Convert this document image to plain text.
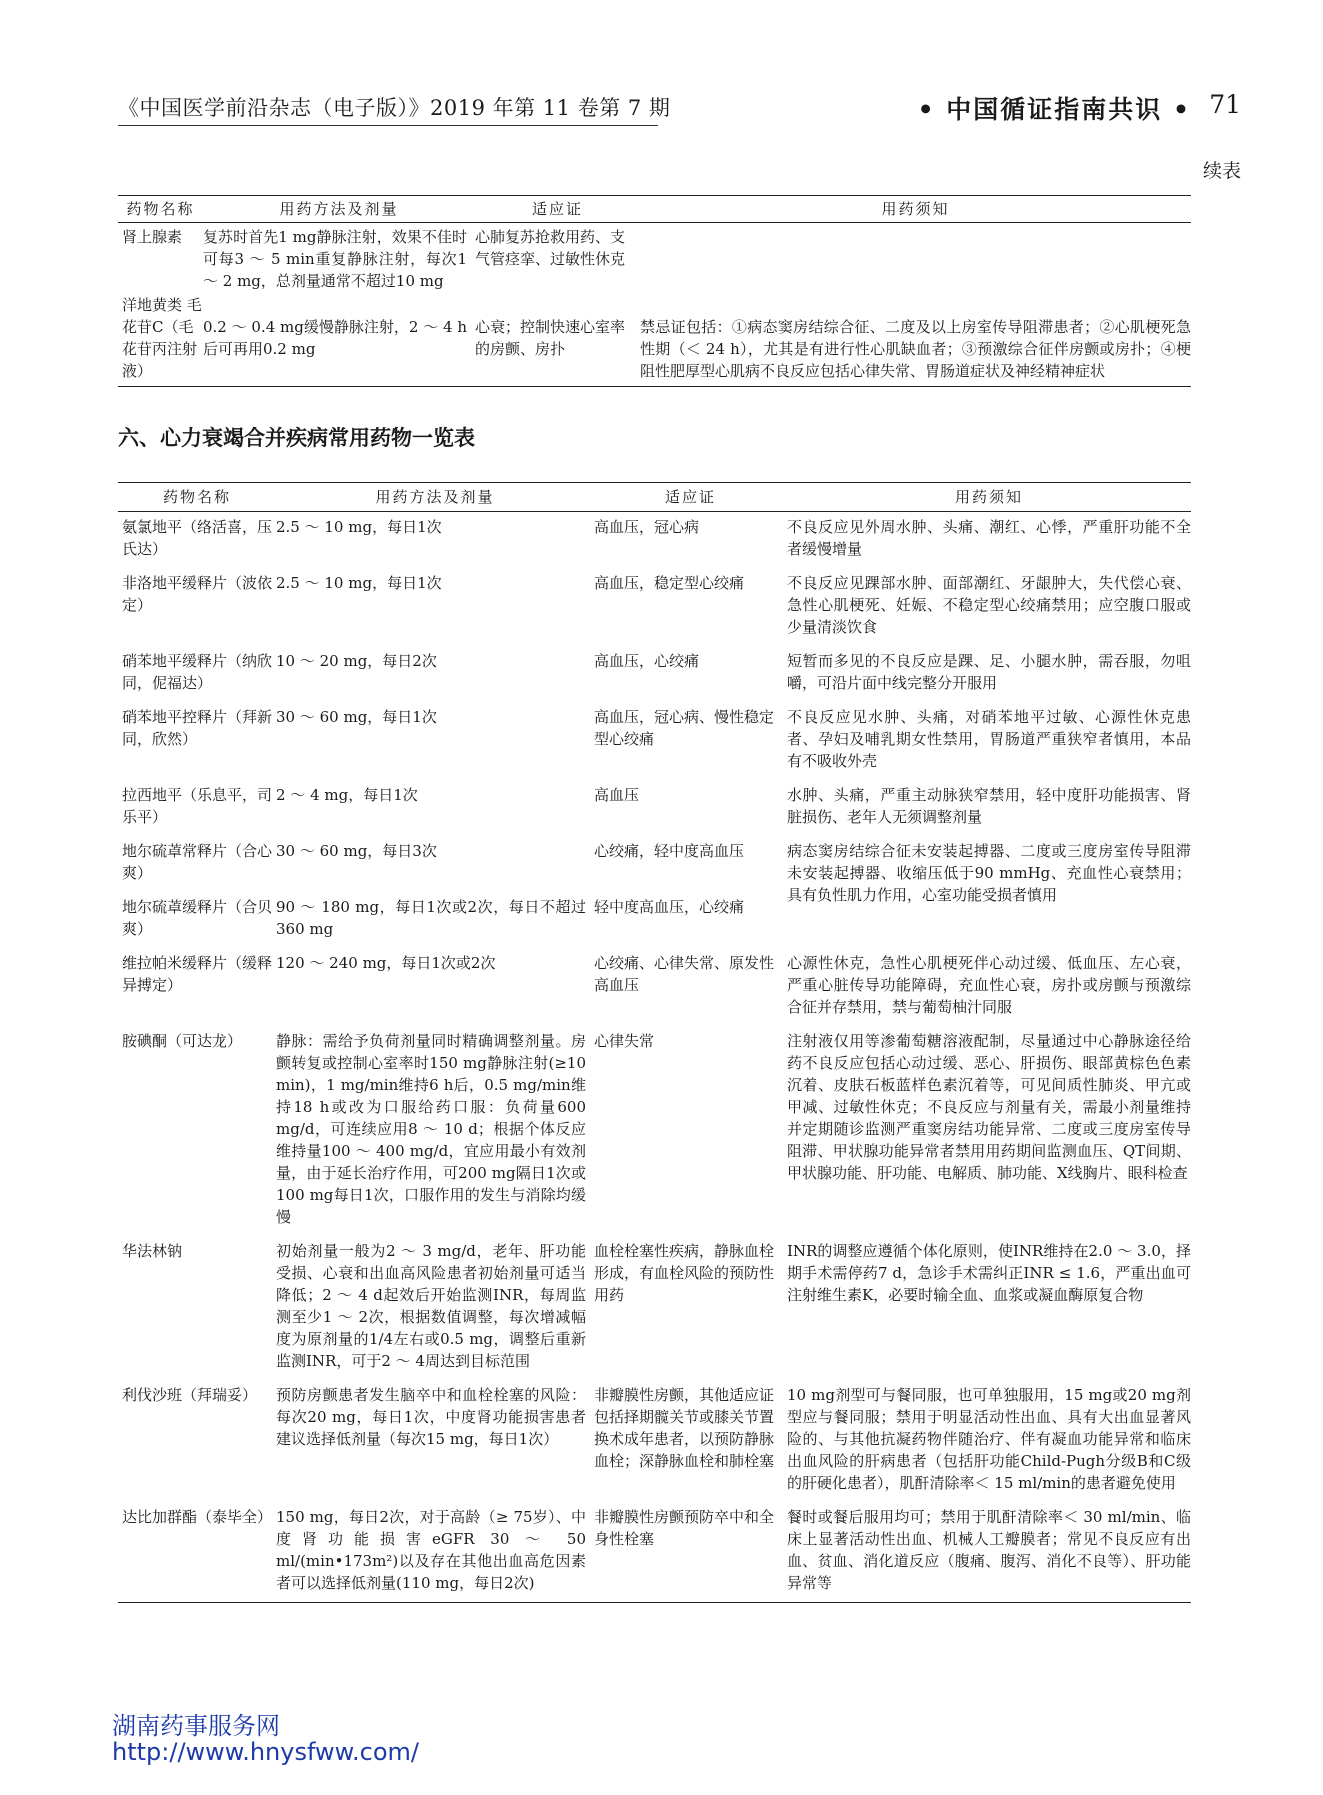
《中国医学前沿杂志（电子版）》2019 年第 11 卷第 7 期	• 中国循证指南共识 • 71
续表
药物名称	用药方法及剂量	适应证	用药须知
肾上腺素	复苏时首先1 mg静脉注射，效果不佳时可每3 ～ 5 min重复静脉注射，每次1 ～ 2 mg，总剂量通常不超过10 mg	心肺复苏抢救用药、支气管痉挛、过敏性休克	
洋地黄类 毛花苷C（毛花苷丙注射液）	0.2 ～ 0.4 mg缓慢静脉注射，2 ～ 4 h后可再用0.2 mg	心衰；控制快速心室率的房颤、房扑	禁忌证包括：①病态窦房结综合征、二度及以上房室传导阻滞患者；②心肌梗死急性期（＜ 24 h），尤其是有进行性心肌缺血者；③预激综合征伴房颤或房扑；④梗阻性肥厚型心肌病不良反应包括心律失常、胃肠道症状及神经精神症状
六、心力衰竭合并疾病常用药物一览表
药物名称	用药方法及剂量	适应证	用药须知
氨氯地平（络活喜，压氏达）	2.5 ～ 10 mg，每日1次	高血压，冠心病	不良反应见外周水肿、头痛、潮红、心悸，严重肝功能不全者缓慢增量
非洛地平缓释片（波依定）	2.5 ～ 10 mg，每日1次	高血压，稳定型心绞痛	不良反应见踝部水肿、面部潮红、牙龈肿大，失代偿心衰、急性心肌梗死、妊娠、不稳定型心绞痛禁用；应空腹口服或少量清淡饮食
硝苯地平缓释片（纳欣同，伲福达）	10 ～ 20 mg，每日2次	高血压，心绞痛	短暂而多见的不良反应是踝、足、小腿水肿，需吞服，勿咀嚼，可沿片面中线完整分开服用
硝苯地平控释片（拜新同，欣然）	30 ～ 60 mg，每日1次	高血压，冠心病、慢性稳定型心绞痛	不良反应见水肿、头痛，对硝苯地平过敏、心源性休克患者、孕妇及哺乳期女性禁用，胃肠道严重狭窄者慎用，本品有不吸收外壳
拉西地平（乐息平，司乐平）	2 ～ 4 mg，每日1次	高血压	水肿、头痛，严重主动脉狭窄禁用，轻中度肝功能损害、肾脏损伤、老年人无须调整剂量
地尔硫䓬常释片（合心爽）	30 ～ 60 mg，每日3次	心绞痛，轻中度高血压	病态窦房结综合征未安装起搏器、二度或三度房室传导阻滞未安装起搏器、收缩压低于90 mmHg、充血性心衰禁用；具有负性肌力作用，心室功能受损者慎用
地尔硫䓬缓释片（合贝爽）	90 ～ 180 mg，每日1次或2次，每日不超过360 mg	轻中度高血压，心绞痛	
维拉帕米缓释片（缓释异搏定）	120 ～ 240 mg，每日1次或2次	心绞痛、心律失常、原发性高血压	心源性休克，急性心肌梗死伴心动过缓、低血压、左心衰，严重心脏传导功能障碍，充血性心衰，房扑或房颤与预激综合征并存禁用，禁与葡萄柚汁同服
胺碘酮（可达龙）	静脉：需给予负荷剂量同时精确调整剂量。房颤转复或控制心室率时150 mg静脉注射(≥10 min)，1 mg/min维持6 h后，0.5 mg/min维持18 h或改为口服给药口服：负荷量600 mg/d，可连续应用8 ～ 10 d；根据个体反应维持量100 ～ 400 mg/d，宜应用最小有效剂量，由于延长治疗作用，可200 mg隔日1次或100 mg每日1次，口服作用的发生与消除均缓慢	心律失常	注射液仅用等渗葡萄糖溶液配制，尽量通过中心静脉途径给药不良反应包括心动过缓、恶心、肝损伤、眼部黄棕色色素沉着、皮肤石板蓝样色素沉着等，可见间质性肺炎、甲亢或甲减、过敏性休克；不良反应与剂量有关，需最小剂量维持并定期随诊监测严重窦房结功能异常、二度或三度房室传导阻滞、甲状腺功能异常者禁用用药期间监测血压、QT间期、甲状腺功能、肝功能、电解质、肺功能、X线胸片、眼科检查
华法林钠	初始剂量一般为2 ～ 3 mg/d，老年、肝功能受损、心衰和出血高风险患者初始剂量可适当降低；2 ～ 4 d起效后开始监测INR，每周监测至少1 ～ 2次，根据数值调整，每次增减幅度为原剂量的1/4左右或0.5 mg，调整后重新监测INR，可于2 ～ 4周达到目标范围	血栓栓塞性疾病，静脉血栓形成，有血栓风险的预防性用药	INR的调整应遵循个体化原则，使INR维持在2.0 ～ 3.0，择期手术需停药7 d，急诊手术需纠正INR ≤ 1.6，严重出血可注射维生素K，必要时输全血、血浆或凝血酶原复合物
利伐沙班（拜瑞妥）	预防房颤患者发生脑卒中和血栓栓塞的风险：每次20 mg，每日1次，中度肾功能损害患者建议选择低剂量（每次15 mg，每日1次）	非瓣膜性房颤，其他适应证包括择期髋关节或膝关节置换术成年患者，以预防静脉血栓；深静脉血栓和肺栓塞	10 mg剂型可与餐同服，也可单独服用，15 mg或20 mg剂型应与餐同服；禁用于明显活动性出血、具有大出血显著风险的、与其他抗凝药物伴随治疗、伴有凝血功能异常和临床出血风险的肝病患者（包括肝功能Child-Pugh分级B和C级的肝硬化患者），肌酐清除率＜ 15 ml/min的患者避免使用
达比加群酯（泰毕全）	150 mg，每日2次，对于高龄（≥ 75岁）、中度肾功能损害eGFR 30 ～ 50 ml/(min•173m²)以及存在其他出血高危因素者可以选择低剂量(110 mg，每日2次)	非瓣膜性房颤预防卒中和全身性栓塞	餐时或餐后服用均可；禁用于肌酐清除率＜ 30 ml/min、临床上显著活动性出血、机械人工瓣膜者；常见不良反应有出血、贫血、消化道反应（腹痛、腹泻、消化不良等）、肝功能异常等
湖南药事服务网
http://www.hnysfww.com/
